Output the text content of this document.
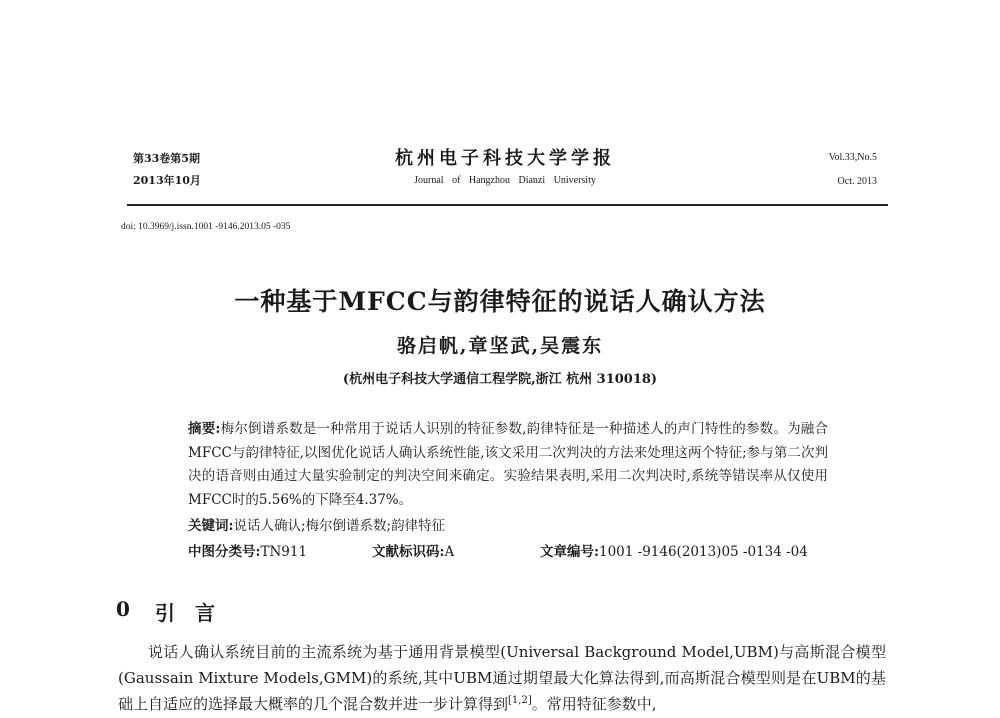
第33卷第5期
2013年10月
杭州电子科技大学学报
Journal of Hangzhou Dianzi University
Vol.33,No.5
Oct. 2013
doi: 10.3969/j.issn.1001 -9146.2013.05 -035
一种基于MFCC与韵律特征的说话人确认方法
骆启帆,章坚武,吴震东
(杭州电子科技大学通信工程学院,浙江 杭州 310018)
摘要:梅尔倒谱系数是一种常用于说话人识别的特征参数,韵律特征是一种描述人的声门特性的参数。为融合MFCC与韵律特征,以图优化说话人确认系统性能,该文采用二次判决的方法来处理这两个特征;参与第二次判决的语音则由通过大量实验制定的判决空间来确定。实验结果表明,采用二次判决时,系统等错误率从仅使用MFCC时的5.56%的下降至4.37%。
关键词:说话人确认;梅尔倒谱系数;韵律特征
中图分类号:TN911	文献标识码:A	文章编号:1001 -9146(2013)05 -0134 -04
0 引言
说话人确认系统目前的主流系统为基于通用背景模型(Universal Background Model,UBM)与高斯混合模型(Gaussain Mixture Models,GMM)的系统,其中UBM通过期望最大化算法得到,而高斯混合模型则是在UBM的基础上自适应的选择最大概率的几个混合数并进一步计算得到[1,2]。常用特征参数中,
